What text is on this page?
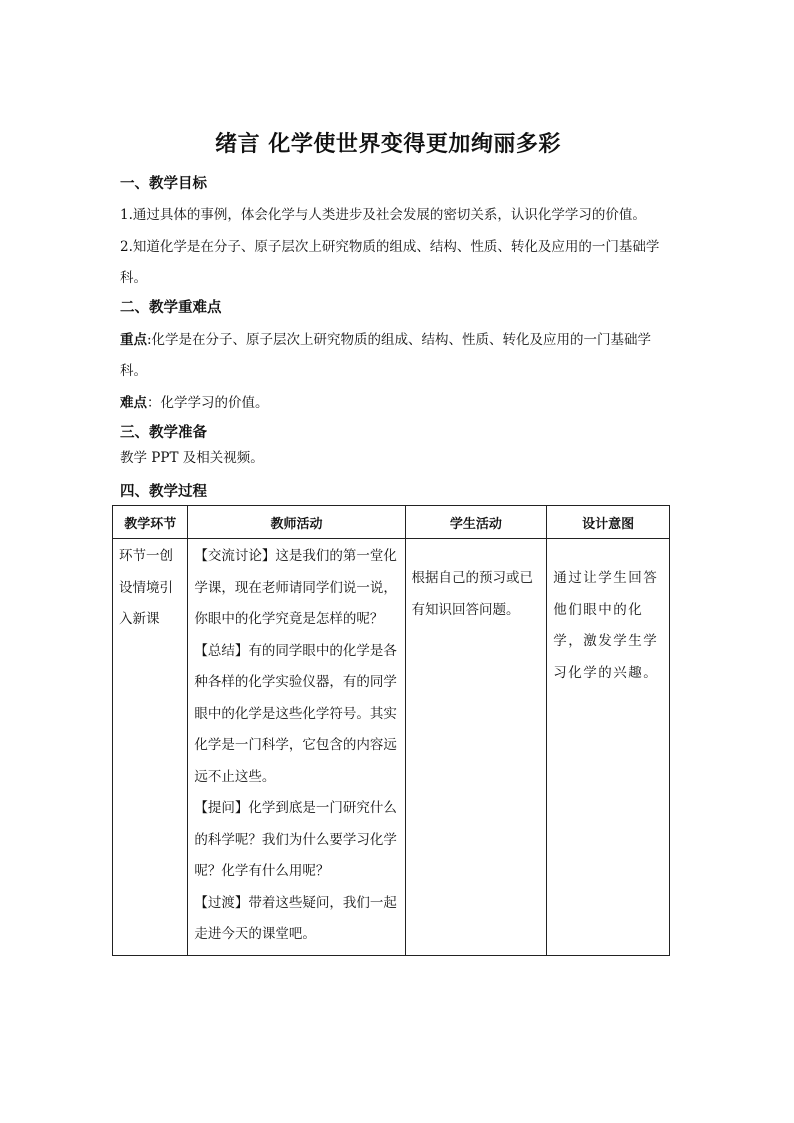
绪言 化学使世界变得更加绚丽多彩
一、教学目标
1.通过具体的事例，体会化学与人类进步及社会发展的密切关系，认识化学学习的价值。
2.知道化学是在分子、原子层次上研究物质的组成、结构、性质、转化及应用的一门基础学
科。
二、教学重难点
重点:化学是在分子、原子层次上研究物质的组成、结构、性质、转化及应用的一门基础学
科。
难点：化学学习的价值。
三、教学准备
教学 PPT 及相关视频。
四、教学过程
教学环节	教师活动	学生活动	设计意图

环节一创设情境引入新课	【交流讨论】这是我们的第一堂化学课，现在老师请同学们说一说，你眼中的化学究竟是怎样的呢？

【总结】有的同学眼中的化学是各种各样的化学实验仪器，有的同学眼中的化学是这些化学符号。其实化学是一门科学，它包含的内容远远不止这些。

【提问】化学到底是一门研究什么的科学呢？我们为什么要学习化学呢？化学有什么用呢？

【过渡】带着这些疑问，我们一起走进今天的课堂吧。	根据自己的预习或已有知识回答问题。	通过让学生回答他们眼中的化学，激发学生学习化学的兴趣。
